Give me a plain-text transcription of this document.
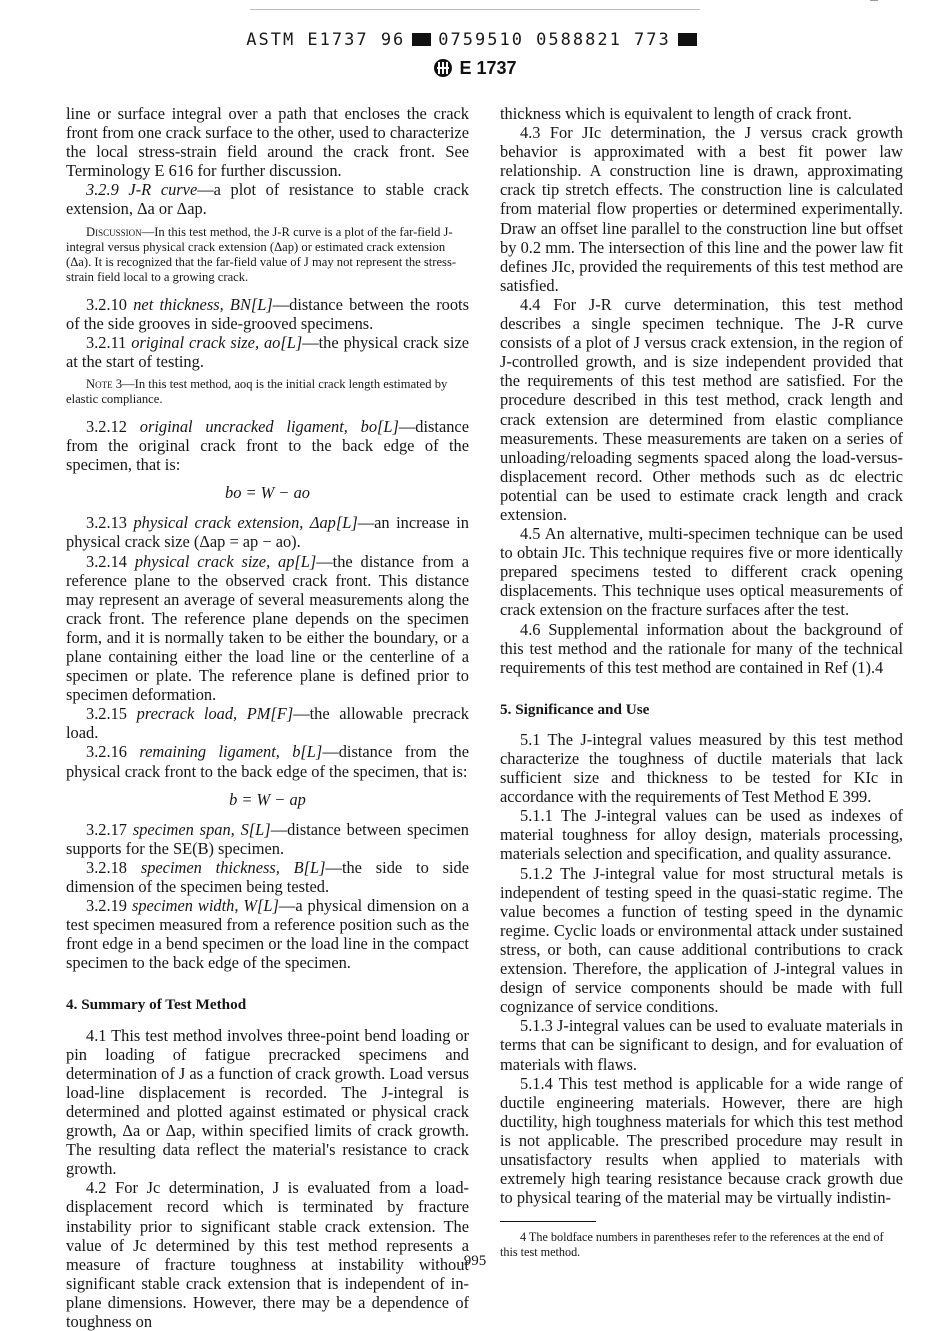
ASTM E1737 96 0759510 0588821 773
E 1737

line or surface integral over a path that encloses the crack front from one crack surface to the other, used to characterize the local stress-strain field around the crack front. See Terminology E 616 for further discussion.

3.2.9 J-R curve—a plot of resistance to stable crack extension, Δa or Δap.

Discussion—In this test method, the J-R curve is a plot of the far-field J-integral versus physical crack extension (Δap) or estimated crack extension (Δa). It is recognized that the far-field value of J may not represent the stress-strain field local to a growing crack.

3.2.10 net thickness, BN[L]—distance between the roots of the side grooves in side-grooved specimens.

3.2.11 original crack size, ao[L]—the physical crack size at the start of testing.

Note 3—In this test method, aoq is the initial crack length estimated by elastic compliance.

3.2.12 original uncracked ligament, bo[L]—distance from the original crack front to the back edge of the specimen, that is:

bo = W − ao

3.2.13 physical crack extension, Δap[L]—an increase in physical crack size (Δap = ap − ao).

3.2.14 physical crack size, ap[L]—the distance from a reference plane to the observed crack front. This distance may represent an average of several measurements along the crack front. The reference plane depends on the specimen form, and it is normally taken to be either the boundary, or a plane containing either the load line or the centerline of a specimen or plate. The reference plane is defined prior to specimen deformation.

3.2.15 precrack load, PM[F]—the allowable precrack load.

3.2.16 remaining ligament, b[L]—distance from the physical crack front to the back edge of the specimen, that is:

b = W − ap

3.2.17 specimen span, S[L]—distance between specimen supports for the SE(B) specimen.

3.2.18 specimen thickness, B[L]—the side to side dimension of the specimen being tested.

3.2.19 specimen width, W[L]—a physical dimension on a test specimen measured from a reference position such as the front edge in a bend specimen or the load line in the compact specimen to the back edge of the specimen.

4. Summary of Test Method

4.1 This test method involves three-point bend loading or pin loading of fatigue precracked specimens and determination of J as a function of crack growth. Load versus load-line displacement is recorded. The J-integral is determined and plotted against estimated or physical crack growth, Δa or Δap, within specified limits of crack growth. The resulting data reflect the material's resistance to crack growth.

4.2 For Jc determination, J is evaluated from a load-displacement record which is terminated by fracture instability prior to significant stable crack extension. The value of Jc determined by this test method represents a measure of fracture toughness at instability without significant stable crack extension that is independent of in-plane dimensions. However, there may be a dependence of toughness on

thickness which is equivalent to length of crack front.

4.3 For JIc determination, the J versus crack growth behavior is approximated with a best fit power law relationship. A construction line is drawn, approximating crack tip stretch effects. The construction line is calculated from material flow properties or determined experimentally. Draw an offset line parallel to the construction line but offset by 0.2 mm. The intersection of this line and the power law fit defines JIc, provided the requirements of this test method are satisfied.

4.4 For J-R curve determination, this test method describes a single specimen technique. The J-R curve consists of a plot of J versus crack extension, in the region of J-controlled growth, and is size independent provided that the requirements of this test method are satisfied. For the procedure described in this test method, crack length and crack extension are determined from elastic compliance measurements. These measurements are taken on a series of unloading/reloading segments spaced along the load-versus-displacement record. Other methods such as dc electric potential can be used to estimate crack length and crack extension.

4.5 An alternative, multi-specimen technique can be used to obtain JIc. This technique requires five or more identically prepared specimens tested to different crack opening displacements. This technique uses optical measurements of crack extension on the fracture surfaces after the test.

4.6 Supplemental information about the background of this test method and the rationale for many of the technical requirements of this test method are contained in Ref (1).4

5. Significance and Use

5.1 The J-integral values measured by this test method characterize the toughness of ductile materials that lack sufficient size and thickness to be tested for KIc in accordance with the requirements of Test Method E 399.

5.1.1 The J-integral values can be used as indexes of material toughness for alloy design, materials processing, materials selection and specification, and quality assurance.

5.1.2 The J-integral value for most structural metals is independent of testing speed in the quasi-static regime. The value becomes a function of testing speed in the dynamic regime. Cyclic loads or environmental attack under sustained stress, or both, can cause additional contributions to crack extension. Therefore, the application of J-integral values in design of service components should be made with full cognizance of service conditions.

5.1.3 J-integral values can be used to evaluate materials in terms that can be significant to design, and for evaluation of materials with flaws.

5.1.4 This test method is applicable for a wide range of ductile engineering materials. However, there are high ductility, high toughness materials for which this test method is not applicable. The prescribed procedure may result in unsatisfactory results when applied to materials with extremely high tearing resistance because crack growth due to physical tearing of the material may be virtually indistin-

4 The boldface numbers in parentheses refer to the references at the end of this test method.
995
